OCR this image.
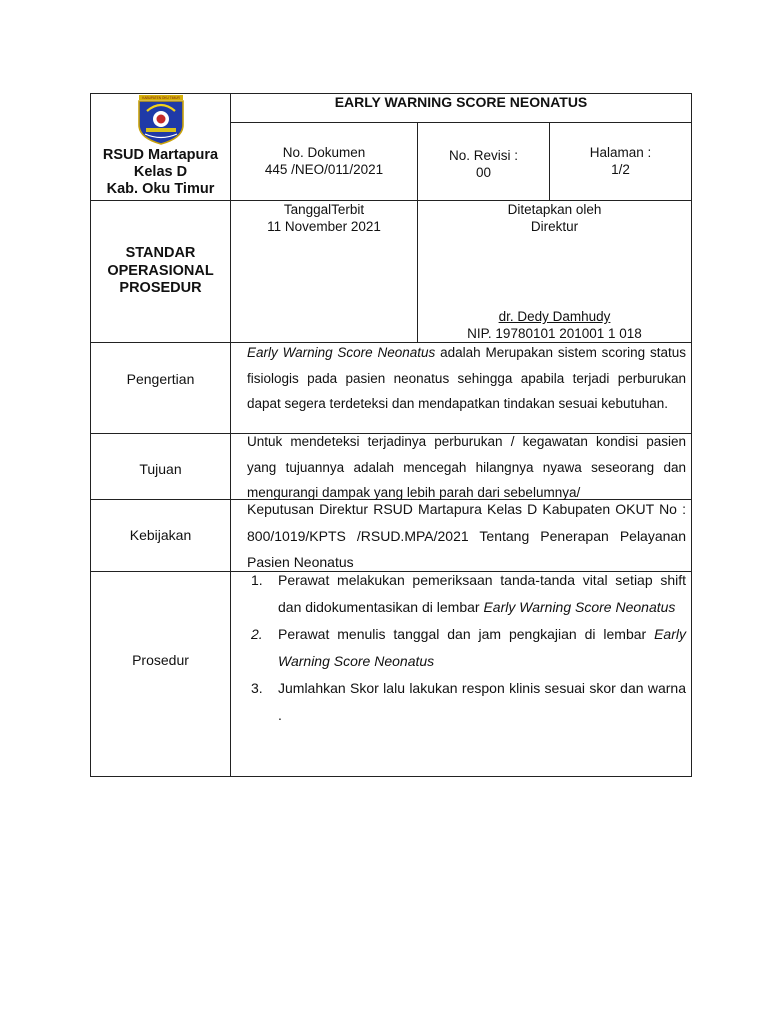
KABUPATEN OKU TIMUR
RSUD Martapura
Kelas D
Kab. Oku Timur
EARLY WARNING SCORE NEONATUS
No. Dokumen
445 /NEO/011/2021
No. Revisi :
00
Halaman :
1/2
STANDAR
OPERASIONAL
PROSEDUR
TanggalTerbit
11 November 2021
Ditetapkan oleh
Direktur
dr. Dedy Damhudy
NIP. 19780101 201001 1 018
Pengertian
Early Warning Score Neonatus adalah Merupakan sistem scoring status fisiologis pada pasien neonatus sehingga apabila terjadi perburukan dapat segera terdeteksi dan mendapatkan tindakan sesuai kebutuhan.
Tujuan
Untuk mendeteksi terjadinya perburukan / kegawatan kondisi pasien yang tujuannya adalah mencegah hilangnya nyawa seseorang dan mengurangi dampak yang lebih parah dari sebelumnya/
Kebijakan
Keputusan Direktur RSUD Martapura Kelas D Kabupaten OKUT No : 800/1019/KPTS /RSUD.MPA/2021 Tentang Penerapan Pelayanan Pasien Neonatus
Prosedur
1. Perawat melakukan pemeriksaan tanda-tanda vital setiap shift dan didokumentasikan di lembar Early Warning Score Neonatus
2. Perawat menulis tanggal dan jam pengkajian di lembar Early Warning Score Neonatus
3. Jumlahkan Skor lalu lakukan respon klinis sesuai skor dan warna .
